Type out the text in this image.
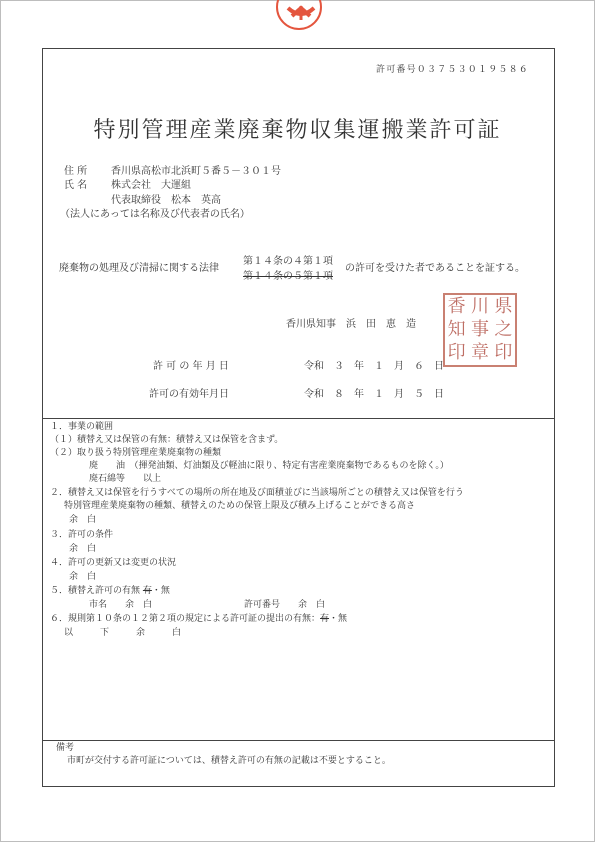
許可番号０３７５３０１９５８６
特別管理産業廃棄物収集運搬業許可証
住 所 香川県高松市北浜町５番５－３０１号
氏 名 株式会社　大運組
代表取締役　松本　英高
（法人にあっては名称及び代表者の氏名）
廃棄物の処理及び清掃に関する法律
第１４条の４第１項
第１４条の５第１項
の許可を受けた者であることを証する。
香 川 県
知 事 之
印 章 印
香川県知事　浜　田　恵　造
許 可 の 年 月 日	令和　３　年　１　月　６　日
許可の有効年月日	令和　８　年　１　月　５　日
１．事業の範囲
（１）積替え又は保管の有無：積替え又は保管を含まず。
（２）取り扱う特別管理産業廃棄物の種類
廃　　油　（揮発油類、灯油類及び軽油に限り、特定有害産業廃棄物であるものを除く。）
廃石綿等　　以上
２．積替え又は保管を行うすべての場所の所在地及び面積並びに当該場所ごとの積替え又は保管を行う
特別管理産業廃棄物の種類、積替えのための保管上限及び積み上げることができる高さ
余　白
３．許可の条件
余　白
４．許可の更新又は変更の状況
余　白
５．積替え許可の有無 有・無
市名　　余　白	許可番号　　余　白
６．規則第１０条の１２第２項の規定による許可証の提出の有無：有・無
以　　　下　　　余　　　白
備考
市町が交付する許可証については、積替え許可の有無の記載は不要とすること。
